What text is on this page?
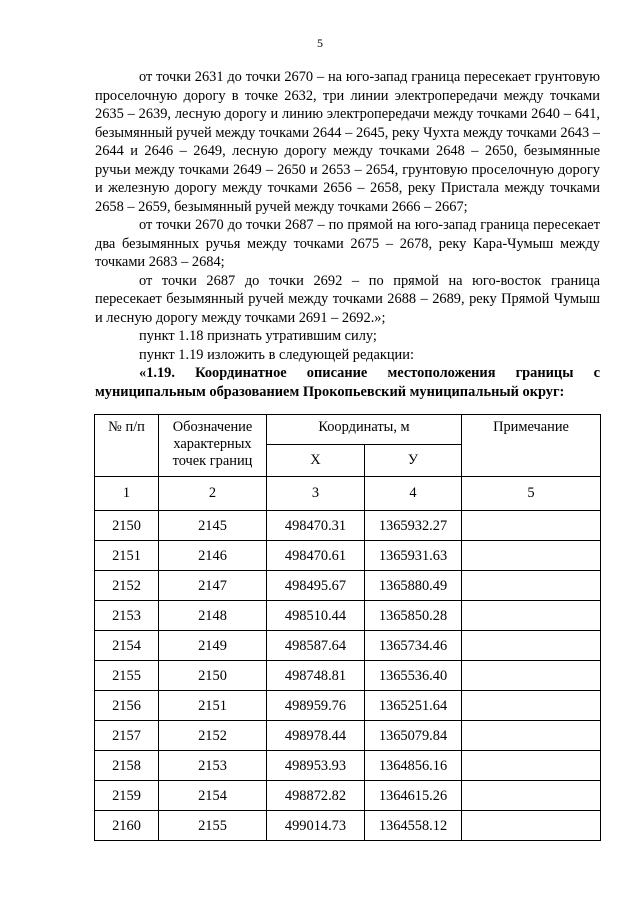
5

от точки 2631 до точки 2670 – на юго-запад граница пересекает грунтовую проселочную дорогу в точке 2632, три линии электропередачи между точками 2635 – 2639, лесную дорогу и линию электропередачи между точками 2640 – 641, безымянный ручей между точками 2644 – 2645, реку Чухта между точками 2643 – 2644 и 2646 – 2649, лесную дорогу между точками 2648 – 2650, безымянные ручьи между точками 2649 – 2650 и 2653 – 2654, грунтовую проселочную дорогу и железную дорогу между точками 2656 – 2658, реку Пристала между точками 2658 – 2659, безымянный ручей между точками 2666 – 2667;

от точки 2670 до точки 2687 – по прямой на юго-запад граница пересекает два безымянных ручья между точками 2675 – 2678, реку Кара-Чумыш между точками 2683 – 2684;

от точки 2687 до точки 2692 – по прямой на юго-восток граница пересекает безымянный ручей между точками 2688 – 2689, реку Прямой Чумыш и лесную дорогу между точками 2691 – 2692.»;

пункт 1.18 признать утратившим силу;

пункт 1.19 изложить в следующей редакции:

«1.19. Координатное описание местоположения границы с муниципальным образованием Прокопьевский муниципальный округ:

№ п/п	Обозначение характерных точек границ	Координаты, м		Примечание
		X	У	
1	2	3	4	5
2150	2145	498470.31	1365932.27	
2151	2146	498470.61	1365931.63	
2152	2147	498495.67	1365880.49	
2153	2148	498510.44	1365850.28	
2154	2149	498587.64	1365734.46	
2155	2150	498748.81	1365536.40	
2156	2151	498959.76	1365251.64	
2157	2152	498978.44	1365079.84	
2158	2153	498953.93	1364856.16	
2159	2154	498872.82	1364615.26	
2160	2155	499014.73	1364558.12	
